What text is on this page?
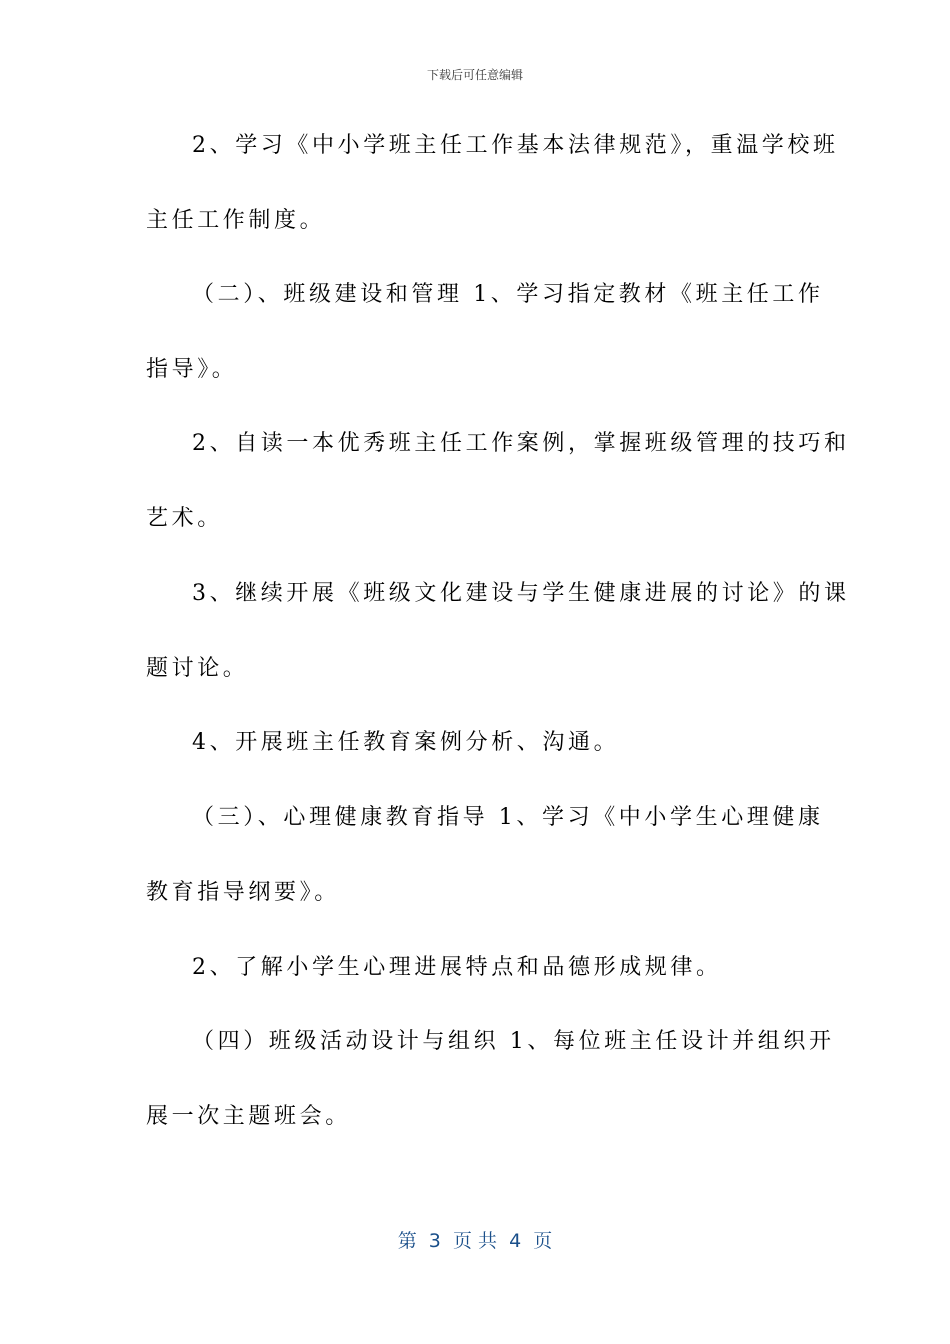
下载后可任意编辑
2、学习《中小学班主任工作基本法律规范》，重温学校班
主任工作制度。
（二）、班级建设和管理 1、学习指定教材《班主任工作
指导》。
2、自读一本优秀班主任工作案例，掌握班级管理的技巧和
艺术。
3、继续开展《班级文化建设与学生健康进展的讨论》的课
题讨论。
4、开展班主任教育案例分析、沟通。
（三）、心理健康教育指导 1、学习《中小学生心理健康
教育指导纲要》。
2、了解小学生心理进展特点和品德形成规律。
（四）班级活动设计与组织 1、每位班主任设计并组织开
展一次主题班会。
第  3  页 共  4  页
